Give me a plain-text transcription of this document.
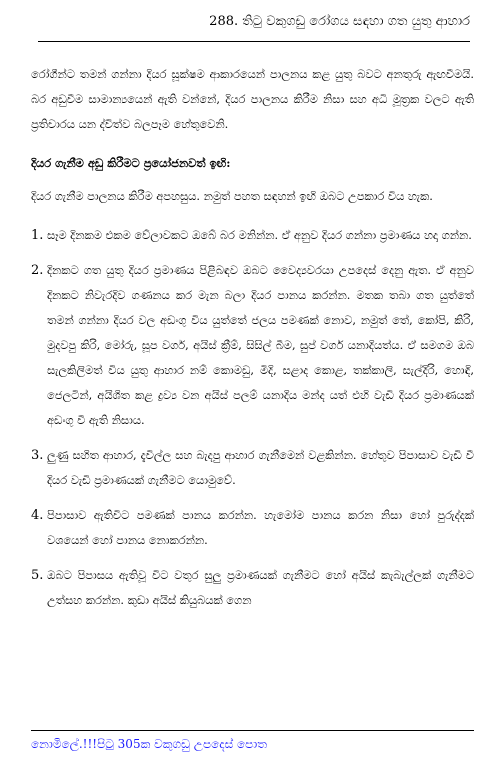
288. තිටු වකුගඩු රෝගය සඳහා ගත යුතු ආහාර

රෝගීන්ට තමන් ගන්නා දියර සූක්ෂම ආකාරයෙන් පාලනය කළ යුතු බවට අනතුරු ඇඟවීමයි. බර අඩුවීම සාමාන්‍යයෙන් ඇති වන්නේ, දියර පාලනය කිරීම නිසා සහ අධි මූත්‍රක වලට ඇති ප්‍රතිචාරය යන ද්විත්ව බලපෑම හේතුවෙනි.

දියර ගැනීම අඩු කිරීමට ප්‍රයෝජනවත් ඉඟි:

දියර ගැනීම පාලනය කිරීම අපහසුය. නමුත් පහත සඳහන් ඉඟි ඔබට උපකාර විය හැක.

1. සෑම දිනකම එකම වේලාවකට ඔබේ බර මනින්න. ඒ අනුව දියර ගන්නා ප්‍රමාණය හදා ගන්න.
2. දිනකට ගත යුතු දියර ප්‍රමාණය පිළිබඳව ඔබට වෛද්‍යවරයා උපදෙස් දෙනු ඇත. ඒ අනුව දිනකට නිවැරදිව ගණනය කර මැන බලා දියර පානය කරන්න. මතක තබා ගත යුත්තේ තමන් ගන්නා දියර වල අඩංගු විය යුත්තේ ජලය පමණක් නොව, නමුත් තේ, කෝපි, කිරි, මුදවපු කිරි, මෝරු, සූප වර්ග, අයිස් ක්‍රීම්, සිසිල් බීම, සුප් වර්ග යනාදියත්ය. ඒ සමගම ඔබ සැලකිලිමත් විය යුතු ආහාර නම් කොමඩු, මිදි, සළාද කොළ, තක්කාලි, සැල්දිරි, හොඳි, ජෙලටින්, අයිශිත කළ ද්‍රව්‍ය වන අයිස් පලම් යනාදිය මන්ද යත් එහි වැඩි දියර ප්‍රමාණයක් අඩංගු වී ඇති නිසාය.
3. ලුණු සහිත ආහාර, දැවිල්ල සහ බැදපු ආහාර ගැනීමෙන් වළකින්න. හේතුව පිපාසාව වැඩි වී දියර වැඩි ප්‍රමාණයක් ගැනීමට යොමුවේ.
4. පිපාසාව ඇතිවිට පමණක් පානය කරන්න. හැමෝම පානය කරන නිසා හෝ පුරුද්දක් වශයෙන් හෝ පානය නොකරන්න.
5. ඔබට පිපාසය ඇතිවූ විට වතුර සුලු ප්‍රමාණයක් ගැනීමට හෝ අයිස් කැබැල්ලක් ගැනීමට උත්සහ කරන්න. කුඩා අයිස් කියුබයක් ගෙන
නොමිලේ.!!!පිටු 305ක වකුගඩු උපදෙස් පොත
